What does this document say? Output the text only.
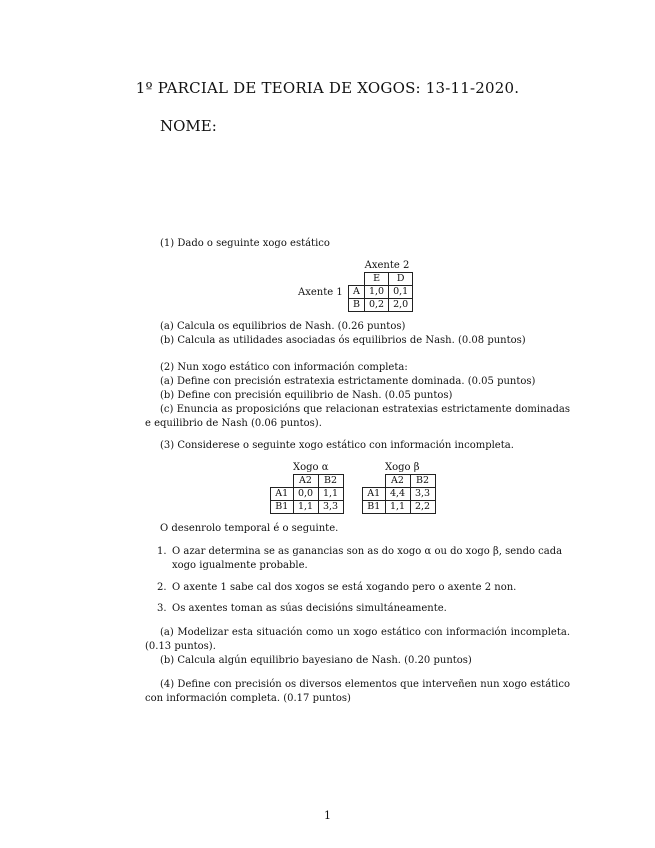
1º PARCIAL DE TEORIA DE XOGOS: 13-11-2020.
NOME:
(1) Dado o seguinte xogo estático
Axente 2
Axente 1
	E	D
A	1,0	0,1
B	0,2	2,0
(a) Calcula os equilibrios de Nash. (0.26 puntos)
(b) Calcula as utilidades asociadas ós equilibrios de Nash. (0.08 puntos)
(2) Nun xogo estático con información completa:
(a) Define con precisión estratexia estrictamente dominada. (0.05 puntos)
(b) Define con precisión equilibrio de Nash. (0.05 puntos)
(c) Enuncia as proposicións que relacionan estratexias estrictamente dominadas e equilibrio de Nash (0.06 puntos).
(3) Considerese o seguinte xogo estático con información incompleta.
Xogo α
	A2	B2
A1	0,0	1,1
B1	1,1	3,3
Xogo β
	A2	B2
A1	4,4	3,3
B1	1,1	2,2
O desenrolo temporal é o seguinte.
1. O azar determina se as ganancias son as do xogo α ou do xogo β, sendo cada xogo igualmente probable.
2. O axente 1 sabe cal dos xogos se está xogando pero o axente 2 non.
3. Os axentes toman as súas decisións simultáneamente.
(a) Modelizar esta situación como un xogo estático con información incompleta. (0.13 puntos).
(b) Calcula algún equilibrio bayesiano de Nash. (0.20 puntos)
(4) Define con precisión os diversos elementos que interveñen nun xogo estático con información completa. (0.17 puntos)
1
